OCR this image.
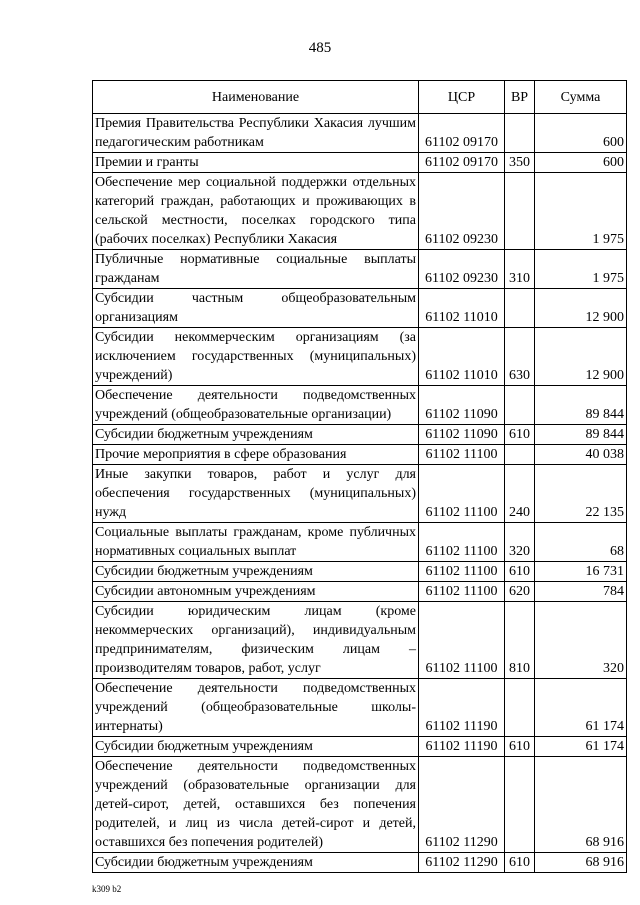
485
Наименование	ЦСР	ВР	Сумма
Премия Правительства Республики Хакасия лучшим педагогическим работникам	61102 09170		600
Премии и гранты	61102 09170	350	600
Обеспечение мер социальной поддержки отдельных категорий граждан, работающих и проживающих в сельской местности, поселках городского типа (рабочих поселках) Республики Хакасия	61102 09230		1 975
Публичные нормативные социальные выплаты гражданам	61102 09230	310	1 975
Субсидии частным общеобразовательным организациям	61102 11010		12 900
Субсидии некоммерческим организациям (за исключением государственных (муниципальных) учреждений)	61102 11010	630	12 900
Обеспечение деятельности подведомственных учреждений (общеобразовательные организации)	61102 11090		89 844
Субсидии бюджетным учреждениям	61102 11090	610	89 844
Прочие мероприятия в сфере образования	61102 11100		40 038
Иные закупки товаров, работ и услуг для обеспечения государственных (муниципальных) нужд	61102 11100	240	22 135
Социальные выплаты гражданам, кроме публичных нормативных социальных выплат	61102 11100	320	68
Субсидии бюджетным учреждениям	61102 11100	610	16 731
Субсидии автономным учреждениям	61102 11100	620	784
Субсидии юридическим лицам (кроме некоммерческих организаций), индивидуальным предпринимателям, физическим лицам – производителям товаров, работ, услуг	61102 11100	810	320
Обеспечение деятельности подведомственных учреждений (общеобразовательные школы-интернаты)	61102 11190		61 174
Субсидии бюджетным учреждениям	61102 11190	610	61 174
Обеспечение деятельности подведомственных учреждений (образовательные организации для детей-сирот, детей, оставшихся без попечения родителей, и лиц из числа детей-сирот и детей, оставшихся без попечения родителей)	61102 11290		68 916
Субсидии бюджетным учреждениям	61102 11290	610	68 916
k309 b2
